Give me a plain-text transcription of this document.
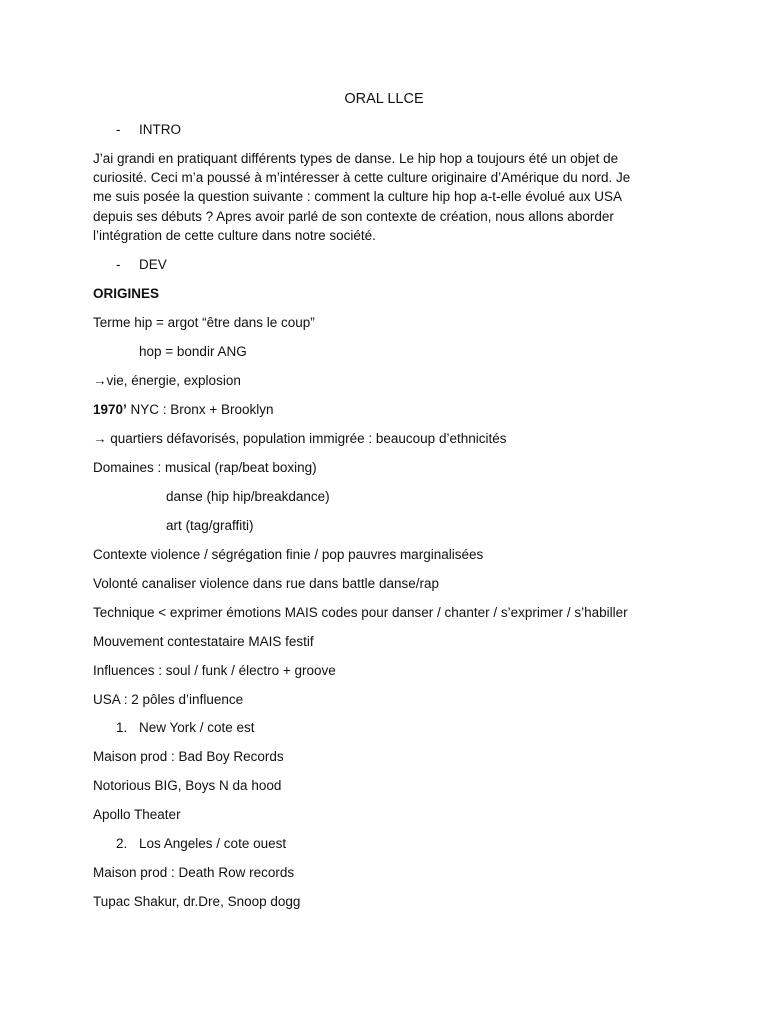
ORAL LLCE
- INTRO
J’ai grandi en pratiquant différents types de danse. Le hip hop a toujours été un objet de
curiosité. Ceci m’a poussé à m’intéresser à cette culture originaire d’Amérique du nord. Je
me suis posée la question suivante : comment la culture hip hop a-t-elle évolué aux USA
depuis ses débuts ? Apres avoir parlé de son contexte de création, nous allons aborder
l’intégration de cette culture dans notre société.
- DEV
ORIGINES
Terme hip = argot “être dans le coup”
hop = bondir ANG
→vie, énergie, explosion
1970’ NYC : Bronx + Brooklyn
→ quartiers défavorisés, population immigrée : beaucoup d’ethnicités
Domaines : musical (rap/beat boxing)
danse (hip hip/breakdance)
art (tag/graffiti)
Contexte violence / ségrégation finie / pop pauvres marginalisées
Volonté canaliser violence dans rue dans battle danse/rap
Technique < exprimer émotions MAIS codes pour danser / chanter / s’exprimer / s’habiller
Mouvement contestataire MAIS festif
Influences : soul / funk / électro + groove
USA : 2 pôles d’influence
1. New York / cote est
Maison prod : Bad Boy Records
Notorious BIG, Boys N da hood
Apollo Theater
2. Los Angeles / cote ouest
Maison prod : Death Row records
Tupac Shakur, dr.Dre, Snoop dogg
